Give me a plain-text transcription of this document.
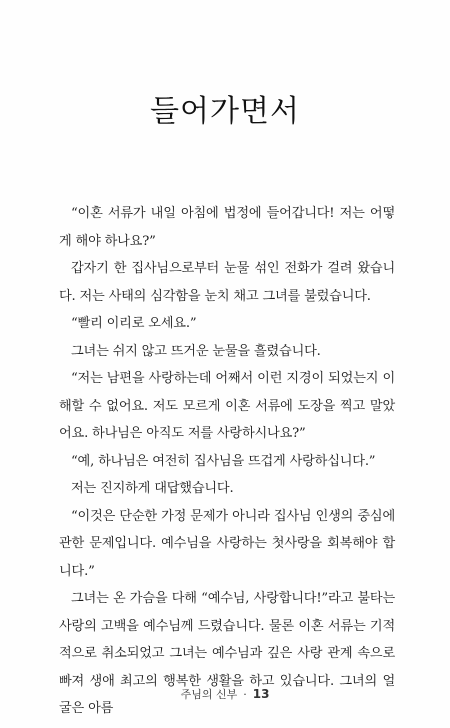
들어가면서

“이혼 서류가 내일 아침에 법정에 들어갑니다! 저는 어떻게 해야 하나요?”

갑자기 한 집사님으로부터 눈물 섞인 전화가 걸려 왔습니다. 저는 사태의 심각함을 눈치 채고 그녀를 불렀습니다.

“빨리 이리로 오세요.”

그녀는 쉬지 않고 뜨거운 눈물을 흘렸습니다.

“저는 남편을 사랑하는데 어째서 이런 지경이 되었는지 이해할 수 없어요. 저도 모르게 이혼 서류에 도장을 찍고 말았어요. 하나님은 아직도 저를 사랑하시나요?”

“예, 하나님은 여전히 집사님을 뜨겁게 사랑하십니다.”

저는 진지하게 대답했습니다.

“이것은 단순한 가정 문제가 아니라 집사님 인생의 중심에 관한 문제입니다. 예수님을 사랑하는 첫사랑을 회복해야 합니다.”

그녀는 온 가슴을 다해 “예수님, 사랑합니다!”라고 불타는 사랑의 고백을 예수님께 드렸습니다. 물론 이혼 서류는 기적적으로 취소되었고 그녀는 예수님과 깊은 사랑 관계 속으로 빠져 생애 최고의 행복한 생활을 하고 있습니다. 그녀의 얼굴은 아름

주님의 신부 · 13
